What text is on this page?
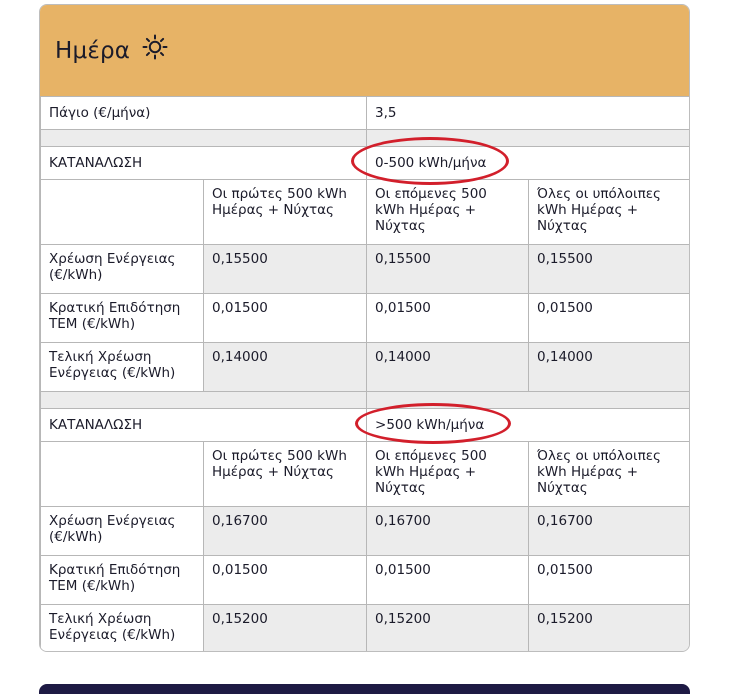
Ημέρα
Πάγιο (€/μήνα)		3,5	

ΚΑΤΑΝΑΛΩΣΗ		0-500 kWh/μήνα	
	Οι πρώτες 500 kWh Ημέρας + Νύχτας	Οι επόμενες 500 kWh Ημέρας + Νύχτας	Όλες οι υπόλοιπες kWh Ημέρας + Νύχτας
Χρέωση Ενέργειας (€/kWh)	0,15500	0,15500	0,15500
Κρατική Επιδότηση ΤΕΜ (€/kWh)	0,01500	0,01500	0,01500
Τελική Χρέωση Ενέργειας (€/kWh)	0,14000	0,14000	0,14000

ΚΑΤΑΝΑΛΩΣΗ		>500 kWh/μήνα	
	Οι πρώτες 500 kWh Ημέρας + Νύχτας	Οι επόμενες 500 kWh Ημέρας + Νύχτας	Όλες οι υπόλοιπες kWh Ημέρας + Νύχτας
Χρέωση Ενέργειας (€/kWh)	0,16700	0,16700	0,16700
Κρατική Επιδότηση ΤΕΜ (€/kWh)	0,01500	0,01500	0,01500
Τελική Χρέωση Ενέργειας (€/kWh)	0,15200	0,15200	0,15200
